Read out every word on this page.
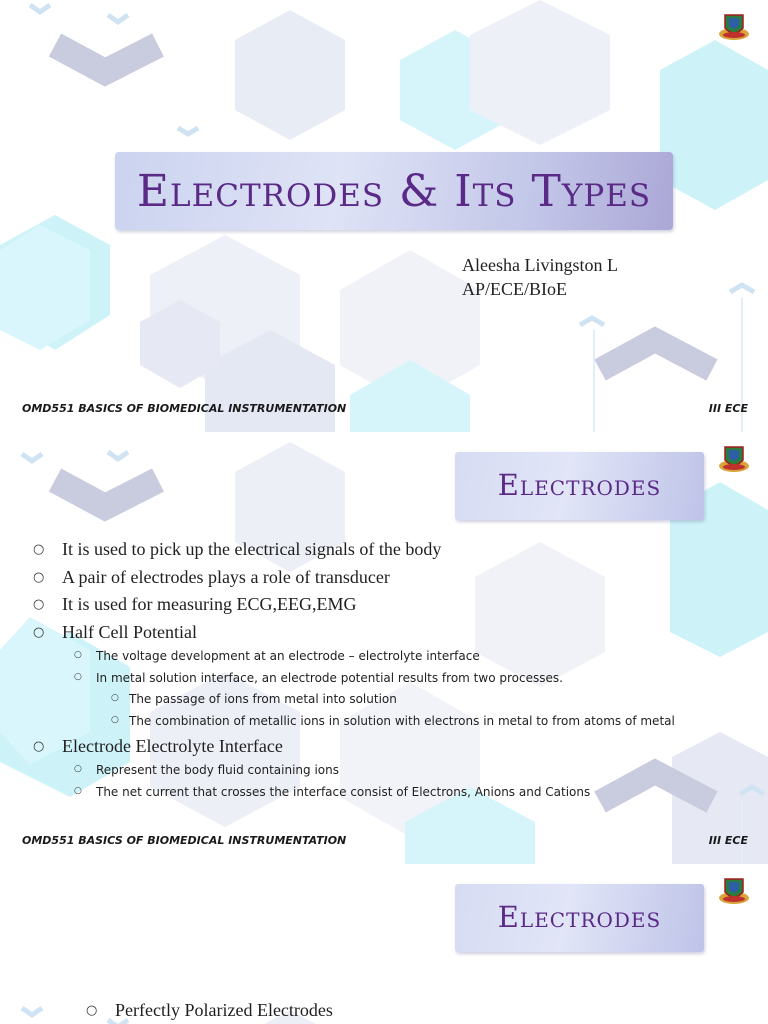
Electrodes & Its Types
Aleesha Livingston L
AP/ECE/BIoE
OMD551 BASICS OF BIOMEDICAL INSTRUMENTATION	III ECE
Electrodes
○ It is used to pick up the electrical signals of the body
○ A pair of electrodes plays a role of transducer
○ It is used for measuring ECG,EEG,EMG
○ Half Cell Potential
○ The voltage development at an electrode – electrolyte interface
○ In metal solution interface, an electrode potential results from two processes.
○ The passage of ions from metal into solution
○ The combination of metallic ions in solution with electrons in metal to from atoms of metal
○ Electrode Electrolyte Interface
○ Represent the body fluid containing ions
○ The net current that crosses the interface consist of Electrons, Anions and Cations
OMD551 BASICS OF BIOMEDICAL INSTRUMENTATION	III ECE
Electrodes
○ Perfectly Polarized Electrodes
